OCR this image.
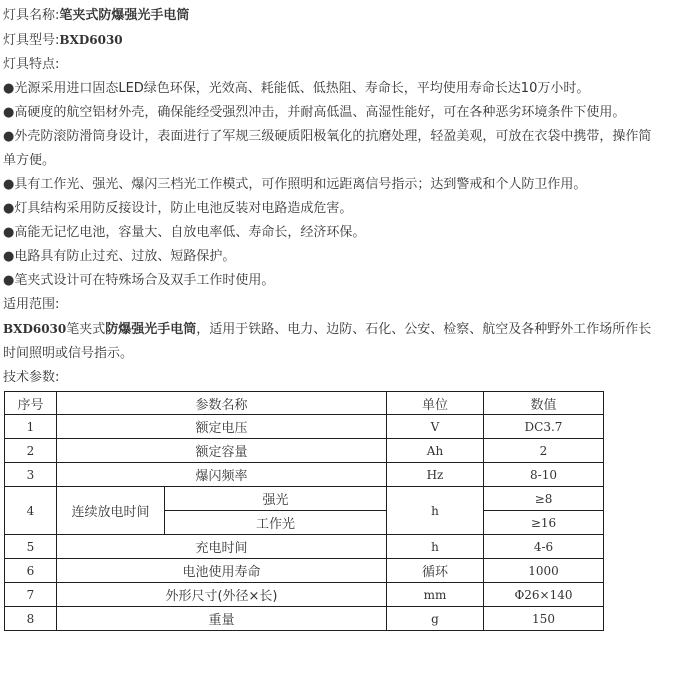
灯具名称:笔夹式防爆强光手电筒
灯具型号:BXD6030
灯具特点:
● 光源采用进口固态LED绿色环保，光效高、耗能低、低热阻、寿命长，平均使用寿命长达10万小时。
● 高硬度的航空铝材外壳，确保能经受强烈冲击，并耐高低温、高湿性能好，可在各种恶劣环境条件下使用。
● 外壳防滚防滑筒身设计，表面进行了军规三级硬质阳极氧化的抗磨处理，轻盈美观，可放在衣袋中携带，操作简单方便。
● 具有工作光、强光、爆闪三档光工作模式，可作照明和远距离信号指示；达到警戒和个人防卫作用。
● 灯具结构采用防反接设计，防止电池反装对电路造成危害。
● 高能无记忆电池，容量大、自放电率低、寿命长，经济环保。
● 电路具有防止过充、过放、短路保护。
● 笔夹式设计可在特殊场合及双手工作时使用。
适用范围:
BXD6030笔夹式防爆强光手电筒，适用于铁路、电力、边防、石化、公安、检察、航空及各种野外工作场所作长时间照明或信号指示。
技术参数:
序号	参数名称		单位	数值
1	额定电压		V	DC3.7
2	额定容量		Ah	2
3	爆闪频率		Hz	8-10
4	连续放电时间	强光	h	≥8
		工作光		≥16
5	充电时间		h	4-6
6	电池使用寿命		循环	1000
7	外形尺寸(外径×长)		mm	Φ26×140
8	重量		g	150
